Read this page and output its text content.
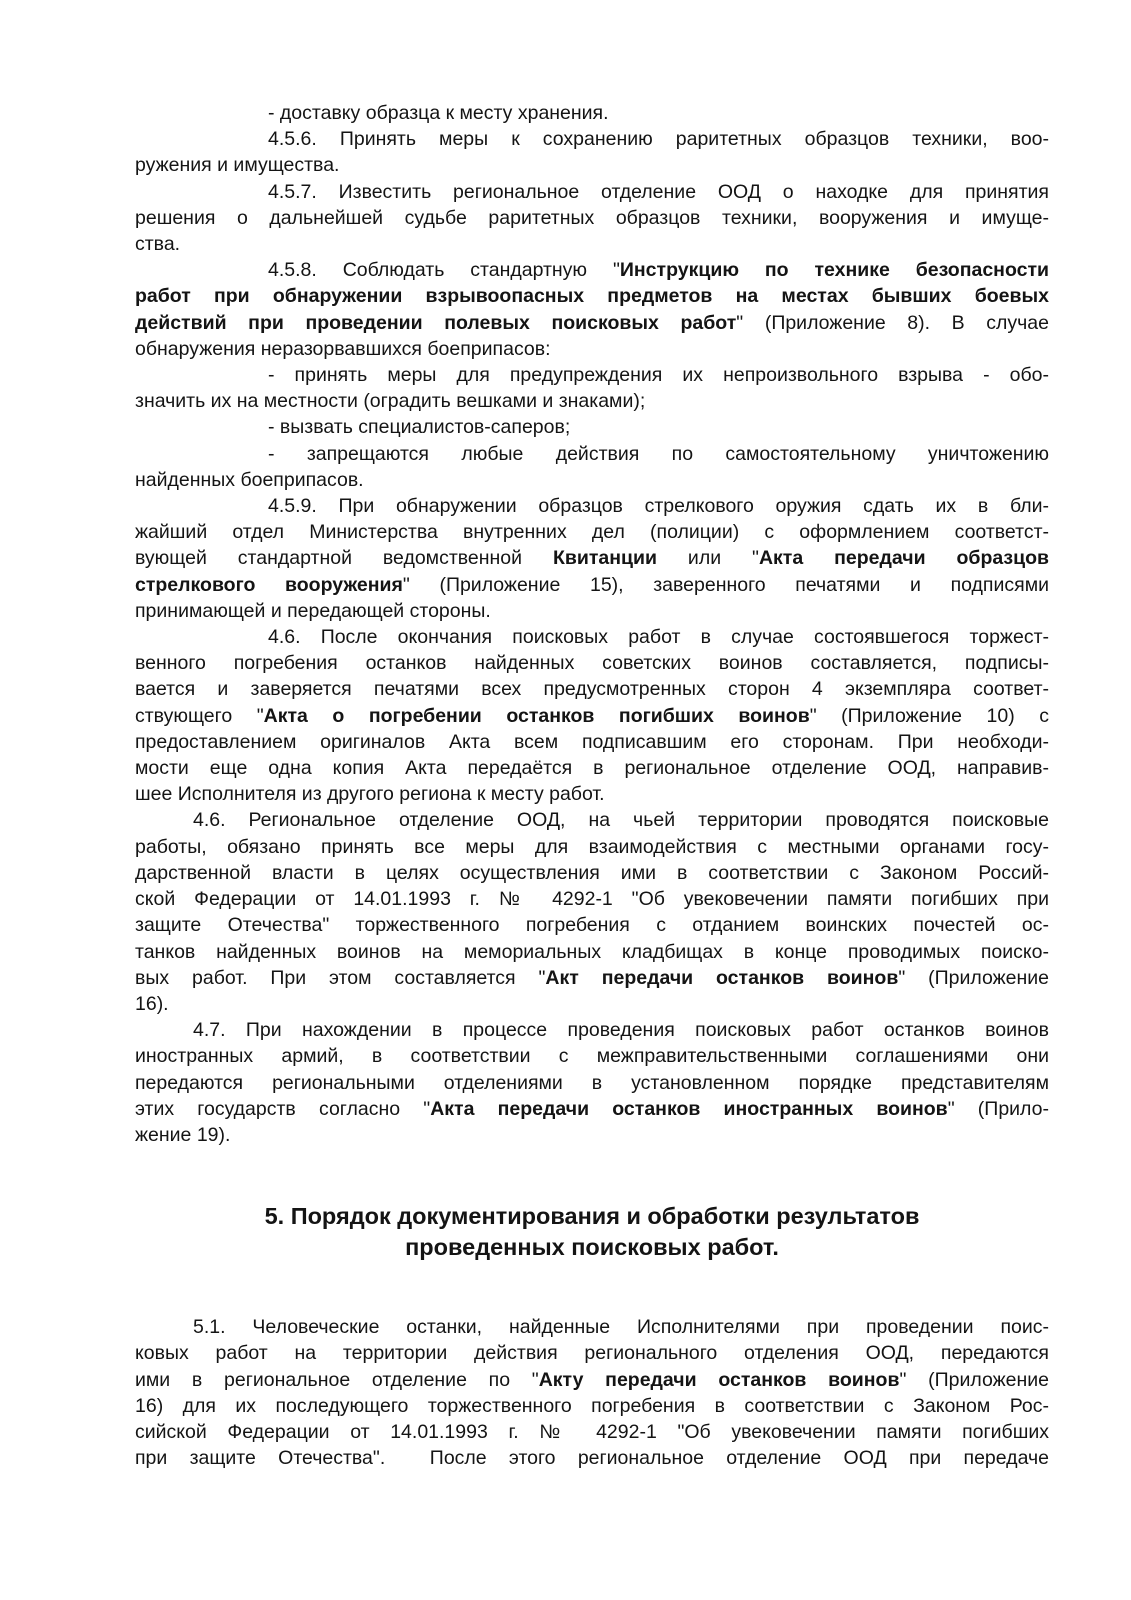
- доставку образца к месту хранения.
4.5.6. Принять меры к сохранению раритетных образцов техники, воо-
ружения и имущества.
4.5.7. Известить региональное отделение ООД о находке для принятия
решения о дальнейшей судьбе раритетных образцов техники, вооружения и имуще-
ства.
4.5.8. Соблюдать стандартную "Инструкцию по технике безопасности
работ при обнаружении взрывоопасных предметов на местах бывших боевых
действий при проведении полевых поисковых работ" (Приложение 8). В случае
обнаружения неразорвавшихся боеприпасов:
- принять меры для предупреждения их непроизвольного взрыва - обо-
значить их на местности (оградить вешками и знаками);
- вызвать специалистов-саперов;
- запрещаются любые действия по самостоятельному уничтожению
найденных боеприпасов.
4.5.9. При обнаружении образцов стрелкового оружия сдать их в бли-
жайший отдел Министерства внутренних дел (полиции) с оформлением соответст-
вующей стандартной ведомственной Квитанции или "Акта передачи образцов
стрелкового вооружения" (Приложение 15), заверенного печатями и подписями
принимающей и передающей стороны.
4.6. После окончания поисковых работ в случае состоявшегося торжест-
венного погребения останков найденных советских воинов составляется, подписы-
вается и заверяется печатями всех предусмотренных сторон 4 экземпляра соответ-
ствующего "Акта о погребении останков погибших воинов" (Приложение 10) с
предоставлением оригиналов Акта всем подписавшим его сторонам. При необходи-
мости еще одна копия Акта передаётся в региональное отделение ООД, направив-
шее Исполнителя из другого региона к месту работ.
4.6. Региональное отделение ООД, на чьей территории проводятся поисковые
работы, обязано принять все меры для взаимодействия с местными органами госу-
дарственной власти в целях осуществления ими в соответствии с Законом Россий-
ской Федерации от 14.01.1993 г. № 4292-1 "Об увековечении памяти погибших при
защите Отечества" торжественного погребения с отданием воинских почестей ос-
танков найденных воинов на мемориальных кладбищах в конце проводимых поиско-
вых работ. При этом составляется "Акт передачи останков воинов" (Приложение
16).
4.7. При нахождении в процессе проведения поисковых работ останков воинов
иностранных армий, в соответствии с межправительственными соглашениями они
передаются региональными отделениями в установленном порядке представителям
этих государств согласно "Акта передачи останков иностранных воинов" (Прило-
жение 19).
5. Порядок документирования и обработки результатов
проведенных поисковых работ.
5.1. Человеческие останки, найденные Исполнителями при проведении поис-
ковых работ на территории действия регионального отделения ООД, передаются
ими в региональное отделение по "Акту передачи останков воинов" (Приложение
16) для их последующего торжественного погребения в соответствии с Законом Рос-
сийской Федерации от 14.01.1993 г. № 4292-1 "Об увековечении памяти погибших
при защите Отечества".  После этого региональное отделение ООД при передаче
